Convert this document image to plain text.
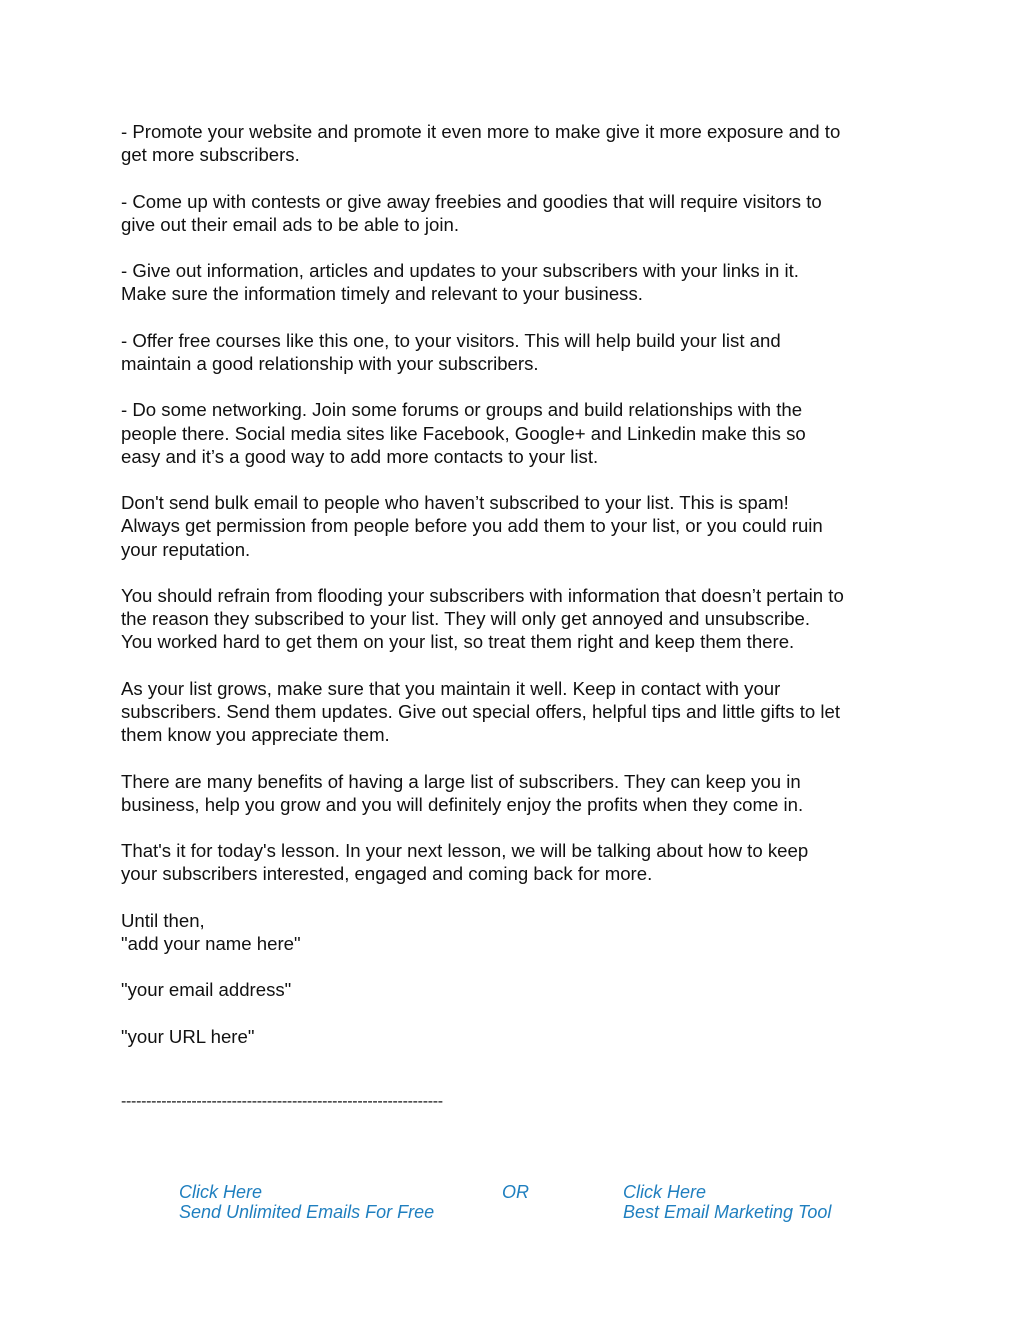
- Promote your website and promote it even more to make give it more exposure and to
get more subscribers.

- Come up with contests or give away freebies and goodies that will require visitors to
give out their email ads to be able to join.

- Give out information, articles and updates to your subscribers with your links in it.
Make sure the information timely and relevant to your business.

- Offer free courses like this one, to your visitors. This will help build your list and
maintain a good relationship with your subscribers.

- Do some networking. Join some forums or groups and build relationships with the
people there. Social media sites like Facebook, Google+ and Linkedin make this so
easy and it’s a good way to add more contacts to your list.

Don't send bulk email to people who haven’t subscribed to your list. This is spam!
Always get permission from people before you add them to your list, or you could ruin
your reputation.

You should refrain from flooding your subscribers with information that doesn’t pertain to
the reason they subscribed to your list. They will only get annoyed and unsubscribe.
You worked hard to get them on your list, so treat them right and keep them there.

As your list grows, make sure that you maintain it well. Keep in contact with your
subscribers. Send them updates. Give out special offers, helpful tips and little gifts to let
them know you appreciate them.

There are many benefits of having a large list of subscribers. They can keep you in
business, help you grow and you will definitely enjoy the profits when they come in.

That's it for today's lesson. In your next lesson, we will be talking about how to keep
your subscribers interested, engaged and coming back for more.

Until then,
"add your name here"
"your email address"
"your URL here"
----------------------------------------------------------------
Click Here
Send Unlimited Emails For Free
OR	Click Here
Best Email Marketing Tool
